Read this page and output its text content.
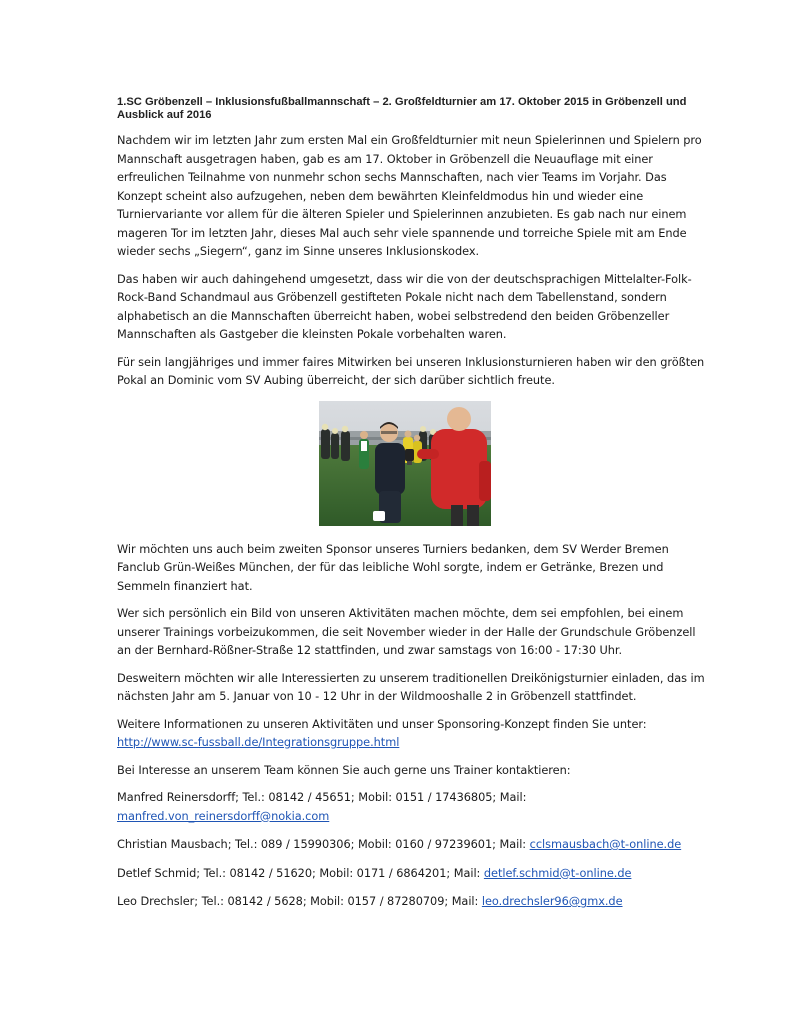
1.SC Gröbenzell – Inklusionsfußballmannschaft – 2. Großfeldturnier am 17. Oktober 2015 in Gröbenzell und Ausblick auf 2016

Nachdem wir im letzten Jahr zum ersten Mal ein Großfeldturnier mit neun Spielerinnen und Spielern pro Mannschaft ausgetragen haben, gab es am 17. Oktober in Gröbenzell die Neuauflage mit einer erfreulichen Teilnahme von nunmehr schon sechs Mannschaften, nach vier Teams im Vorjahr. Das Konzept scheint also aufzugehen, neben dem bewährten Kleinfeldmodus hin und wieder eine Turniervariante vor allem für die älteren Spieler und Spielerinnen anzubieten. Es gab nach nur einem mageren Tor im letzten Jahr, dieses Mal auch sehr viele spannende und torreiche Spiele mit am Ende wieder sechs „Siegern“, ganz im Sinne unseres Inklusionskodex.

Das haben wir auch dahingehend umgesetzt, dass wir die von der deutschsprachigen Mittelalter-Folk-Rock-Band Schandmaul aus Gröbenzell gestifteten Pokale nicht nach dem Tabellenstand, sondern alphabetisch an die Mannschaften überreicht haben, wobei selbstredend den beiden Gröbenzeller Mannschaften als Gastgeber die kleinsten Pokale vorbehalten waren.

Für sein langjähriges und immer faires Mitwirken bei unseren Inklusionsturnieren haben wir den größten Pokal an Dominic vom SV Aubing überreicht, der sich darüber sichtlich freute.

Wir möchten uns auch beim zweiten Sponsor unseres Turniers bedanken, dem SV Werder Bremen Fanclub Grün-Weißes München, der für das leibliche Wohl sorgte, indem er Getränke, Brezen und Semmeln finanziert hat.

Wer sich persönlich ein Bild von unseren Aktivitäten machen möchte, dem sei empfohlen, bei einem unserer Trainings vorbeizukommen, die seit November wieder in der Halle der Grundschule Gröbenzell an der Bernhard-Rößner-Straße 12 stattfinden, und zwar samstags von 16:00 - 17:30 Uhr.

Desweitern möchten wir alle Interessierten zu unserem traditionellen Dreikönigsturnier einladen, das im nächsten Jahr am 5. Januar von 10 - 12 Uhr in der Wildmooshalle 2 in Gröbenzell stattfindet.

Weitere Informationen zu unseren Aktivitäten und unser Sponsoring-Konzept finden Sie unter:
http://www.sc-fussball.de/Integrationsgruppe.html

Bei Interesse an unserem Team können Sie auch gerne uns Trainer kontaktieren:

Manfred Reinersdorff; Tel.: 08142 / 45651; Mobil: 0151 / 17436805; Mail:
manfred.von_reinersdorff@nokia.com

Christian Mausbach; Tel.: 089 / 15990306; Mobil: 0160 / 97239601; Mail: cclsmausbach@t-online.de

Detlef Schmid; Tel.: 08142 / 51620; Mobil: 0171 / 6864201; Mail: detlef.schmid@t-online.de

Leo Drechsler; Tel.: 08142 / 5628; Mobil: 0157 / 87280709; Mail: leo.drechsler96@gmx.de
